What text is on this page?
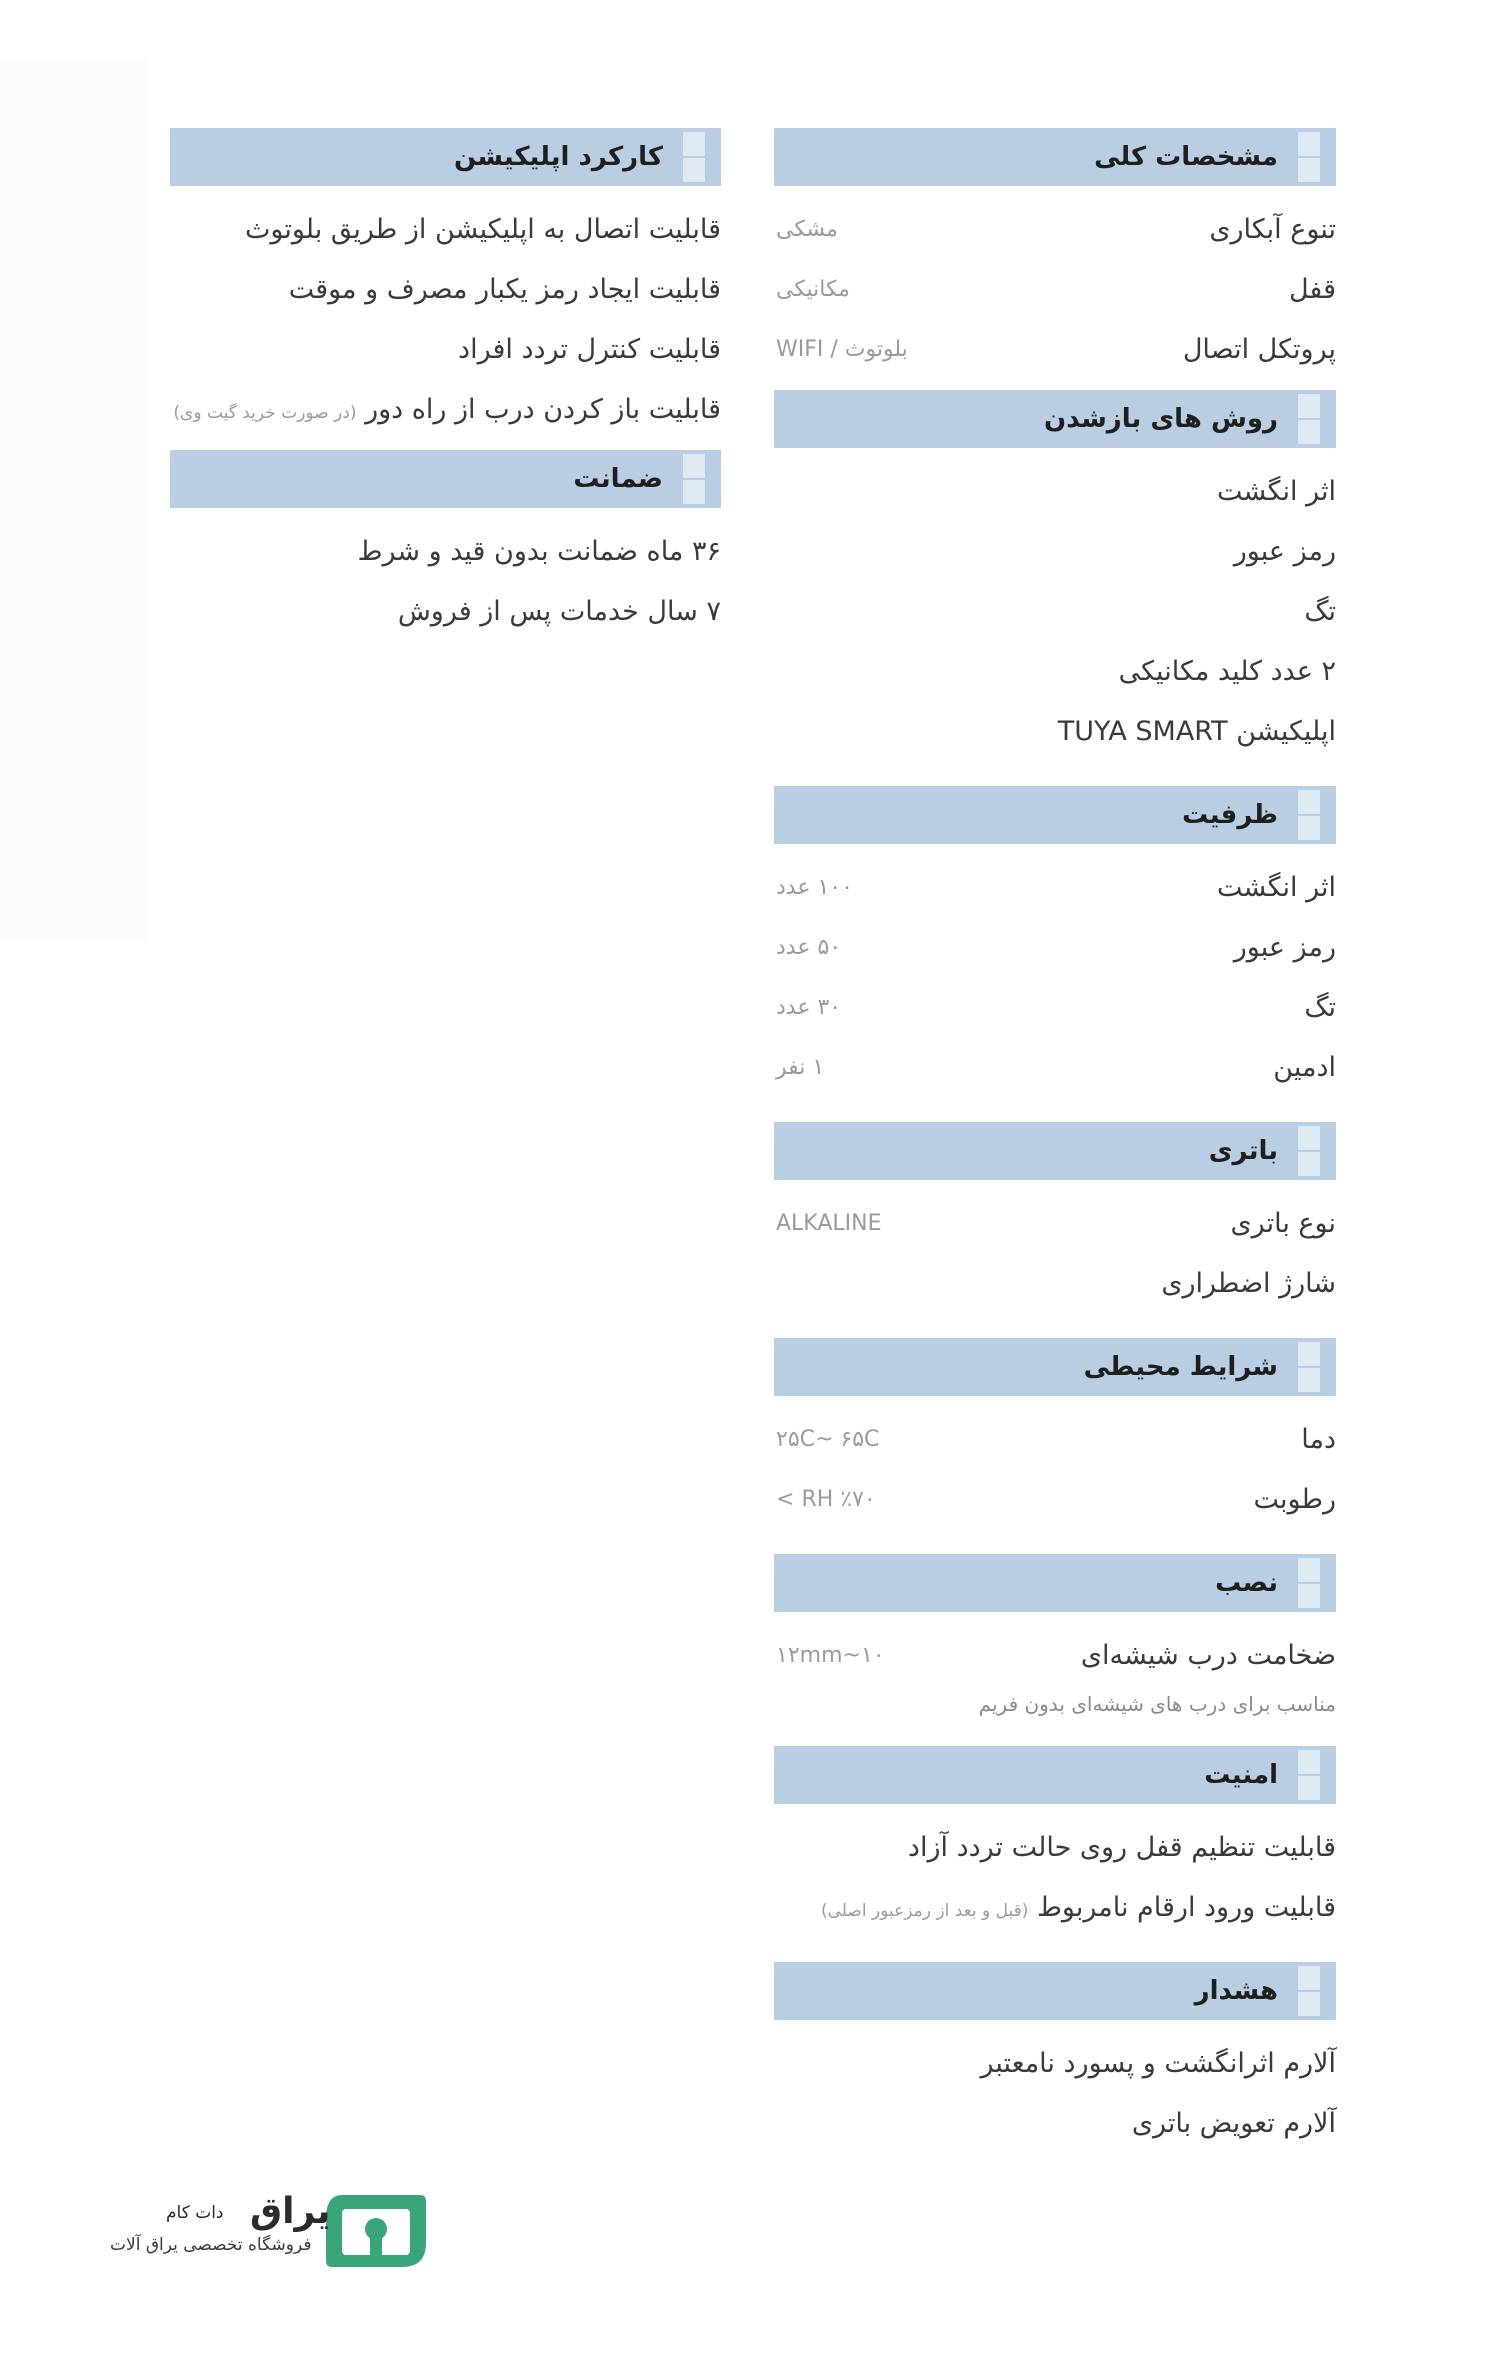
مشخصات کلی
تنوع آبکاری
مشکی
قفل
مکانیکی
پروتکل اتصال
بلوتوث / WIFI
روش های بازشدن
اثر انگشت
رمز عبور
تگ
۲ عدد کلید مکانیکی
اپلیکیشن TUYA SMART
ظرفیت
اثر انگشت
۱۰۰ عدد
رمز عبور
۵۰ عدد
تگ
۳۰ عدد
ادمین
۱ نفر
باتری
نوع باتری
ALKALINE
شارژ اضطراری
شرایط محیطی
دما
۲۵C~ ۶۵C
رطوبت
٪۷۰ RH >
نصب
ضخامت درب شیشه‌ای
۱۰~۱۲mm
مناسب برای درب های شیشه‌ای بدون فریم
امنیت
قابلیت تنظیم قفل روی حالت تردد آزاد
قابلیت ورود ارقام نامربوط (قبل و بعد از رمزعبور اصلی)
هشدار
آلارم اثرانگشت و پسورد نامعتبر
آلارم تعویض باتری
کارکرد اپلیکیشن
قابلیت اتصال به اپلیکیشن از طریق بلوتوث
قابلیت ایجاد رمز یکبار مصرف و موقت
قابلیت کنترل تردد افراد
قابلیت باز کردن درب از راه دور (در صورت خرید گیت وی)
ضمانت
۳۶ ماه ضمانت بدون قید و شرط
۷ سال خدمات پس از فروش
یراق
دات کام
فروشگاه تخصصی یراق آلات
